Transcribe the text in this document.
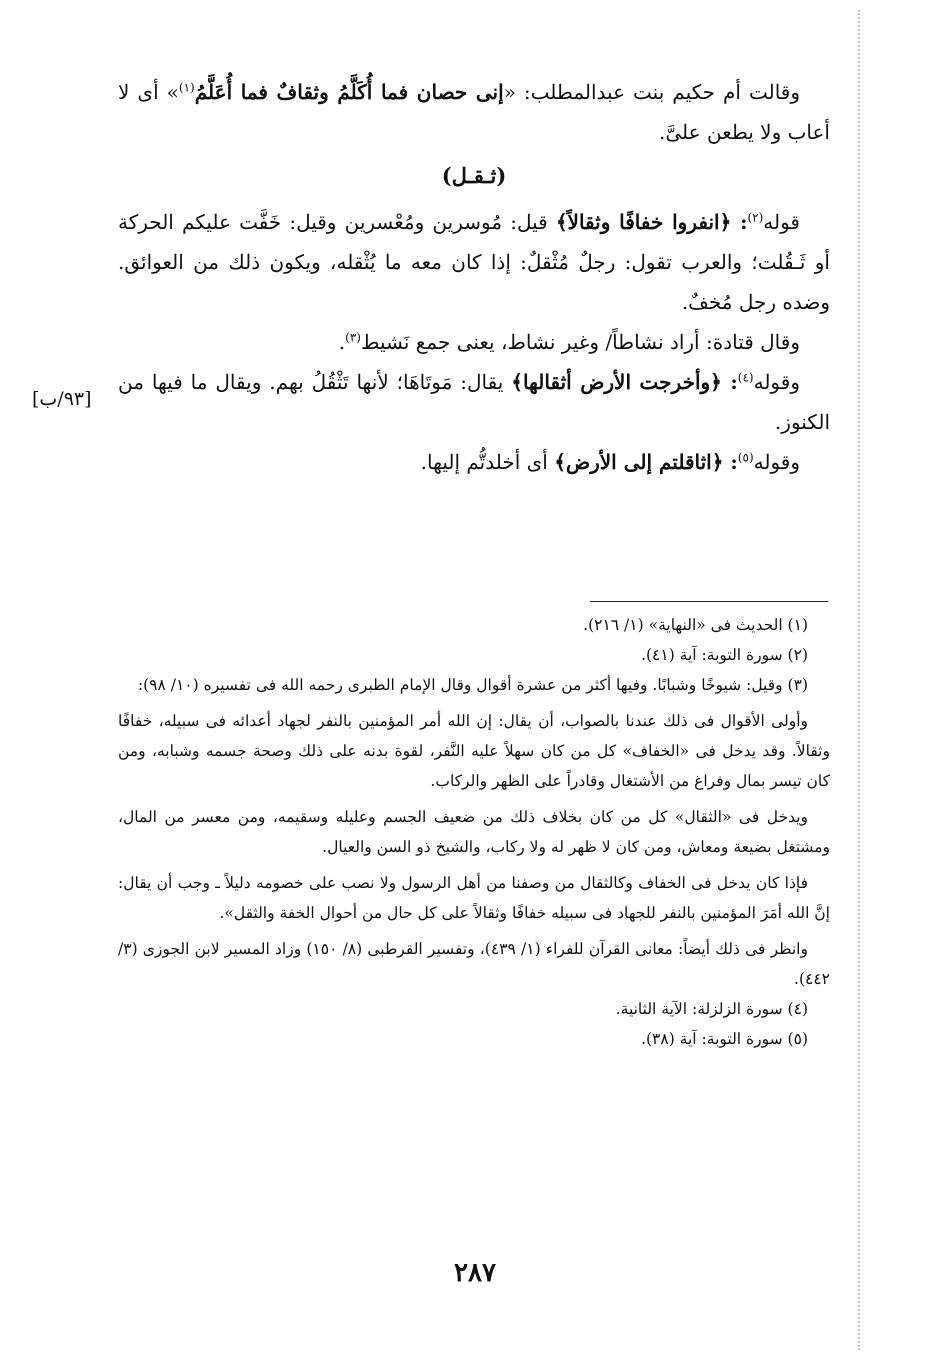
[٩٣/ب]

وقالت أم حكيم بنت عبدالمطلب: «إنى حصان فما أُكَلَّمُ وثقافٌ فما أُعَلَّمُ$^{(١)}$» أى لا أعاب ولا يطعن علىَّ.

(ثـقـل)

قوله$^{(٢)}$: ﴿انفروا خفافًا وثقالاً﴾ قيل: مُوسرين ومُعْسرين وقيل: خَفَّت عليكم الحركة أو ثَـقُلت؛ والعرب تقول: رجلٌ مُثْقلٌ: إذا كان معه ما يُثْقله، ويكون ذلك من العوائق. وضده رجل مُخفٌ.

وقال قتادة: أراد نشاطاً/ وغير نشاط، يعنى جمع نَشيط$^{(٣)}$.

وقوله$^{(٤)}$: ﴿وأخرجت الأرض أثقالها﴾ يقال: مَوتَاهَا؛ لأنها تَثْقُلُ بهم. ويقال ما فيها من الكنوز.

وقوله$^{(٥)}$: ﴿اثاقلتم إلى الأرض﴾ أى أخلدتُّم إليها.

(١) الحديث فى «النهاية» (١/ ٢١٦).

(٢) سورة التوبة: آية (٤١).

(٣) وقيل: شيوخًا وشبابًا. وفيها أكثر من عشرة أقوال وقال الإمام الطبرى رحمه الله فى تفسيره (١٠/ ٩٨):

وأولى الأقوال فى ذلك عندنا بالصواب، أن يقال: إن الله أمر المؤمنين بالنفر لجهاد أعدائه فى سبيله، خفافًا وثقالاً. وقد يدخل فى «الخفاف» كل من كان سهلاً عليه النَّفر، لقوة بدنه على ذلك وصحة جسمه وشبابه، ومن كان تيسر بمال وفراغ من الأشتغال وقادراً على الظهر والركاب.

ويدخل فى «الثقال» كل من كان بخلاف ذلك من ضعيف الجسم وعليله وسقيمه، ومن معسر من المال، ومشتغل بضيعة ومعاش، ومن كان لا ظهر له ولا ركاب، والشيخ ذو السن والعيال.

فإذا كان يدخل فى الخفاف وكالثقال من وصفنا من أهل الرسول ولا نصب على خصومه دليلاً ـ وجب أن يقال: إنَّ الله أمَرَ المؤمنين بالنفر للجهاد فى سبيله خفافًا وثقالاً على كل حال من أحوال الخفة والثقل».

وانظر فى ذلك أيضاً: معانى القرآن للفراء (١/ ٤٣٩)، وتفسير القرطبى (٨/ ١٥٠) وزاد المسير لابن الجوزى (٣/ ٤٤٢).

(٤) سورة الزلزلة: الآية الثانية.

(٥) سورة التوبة: آية (٣٨).

٢٨٧
